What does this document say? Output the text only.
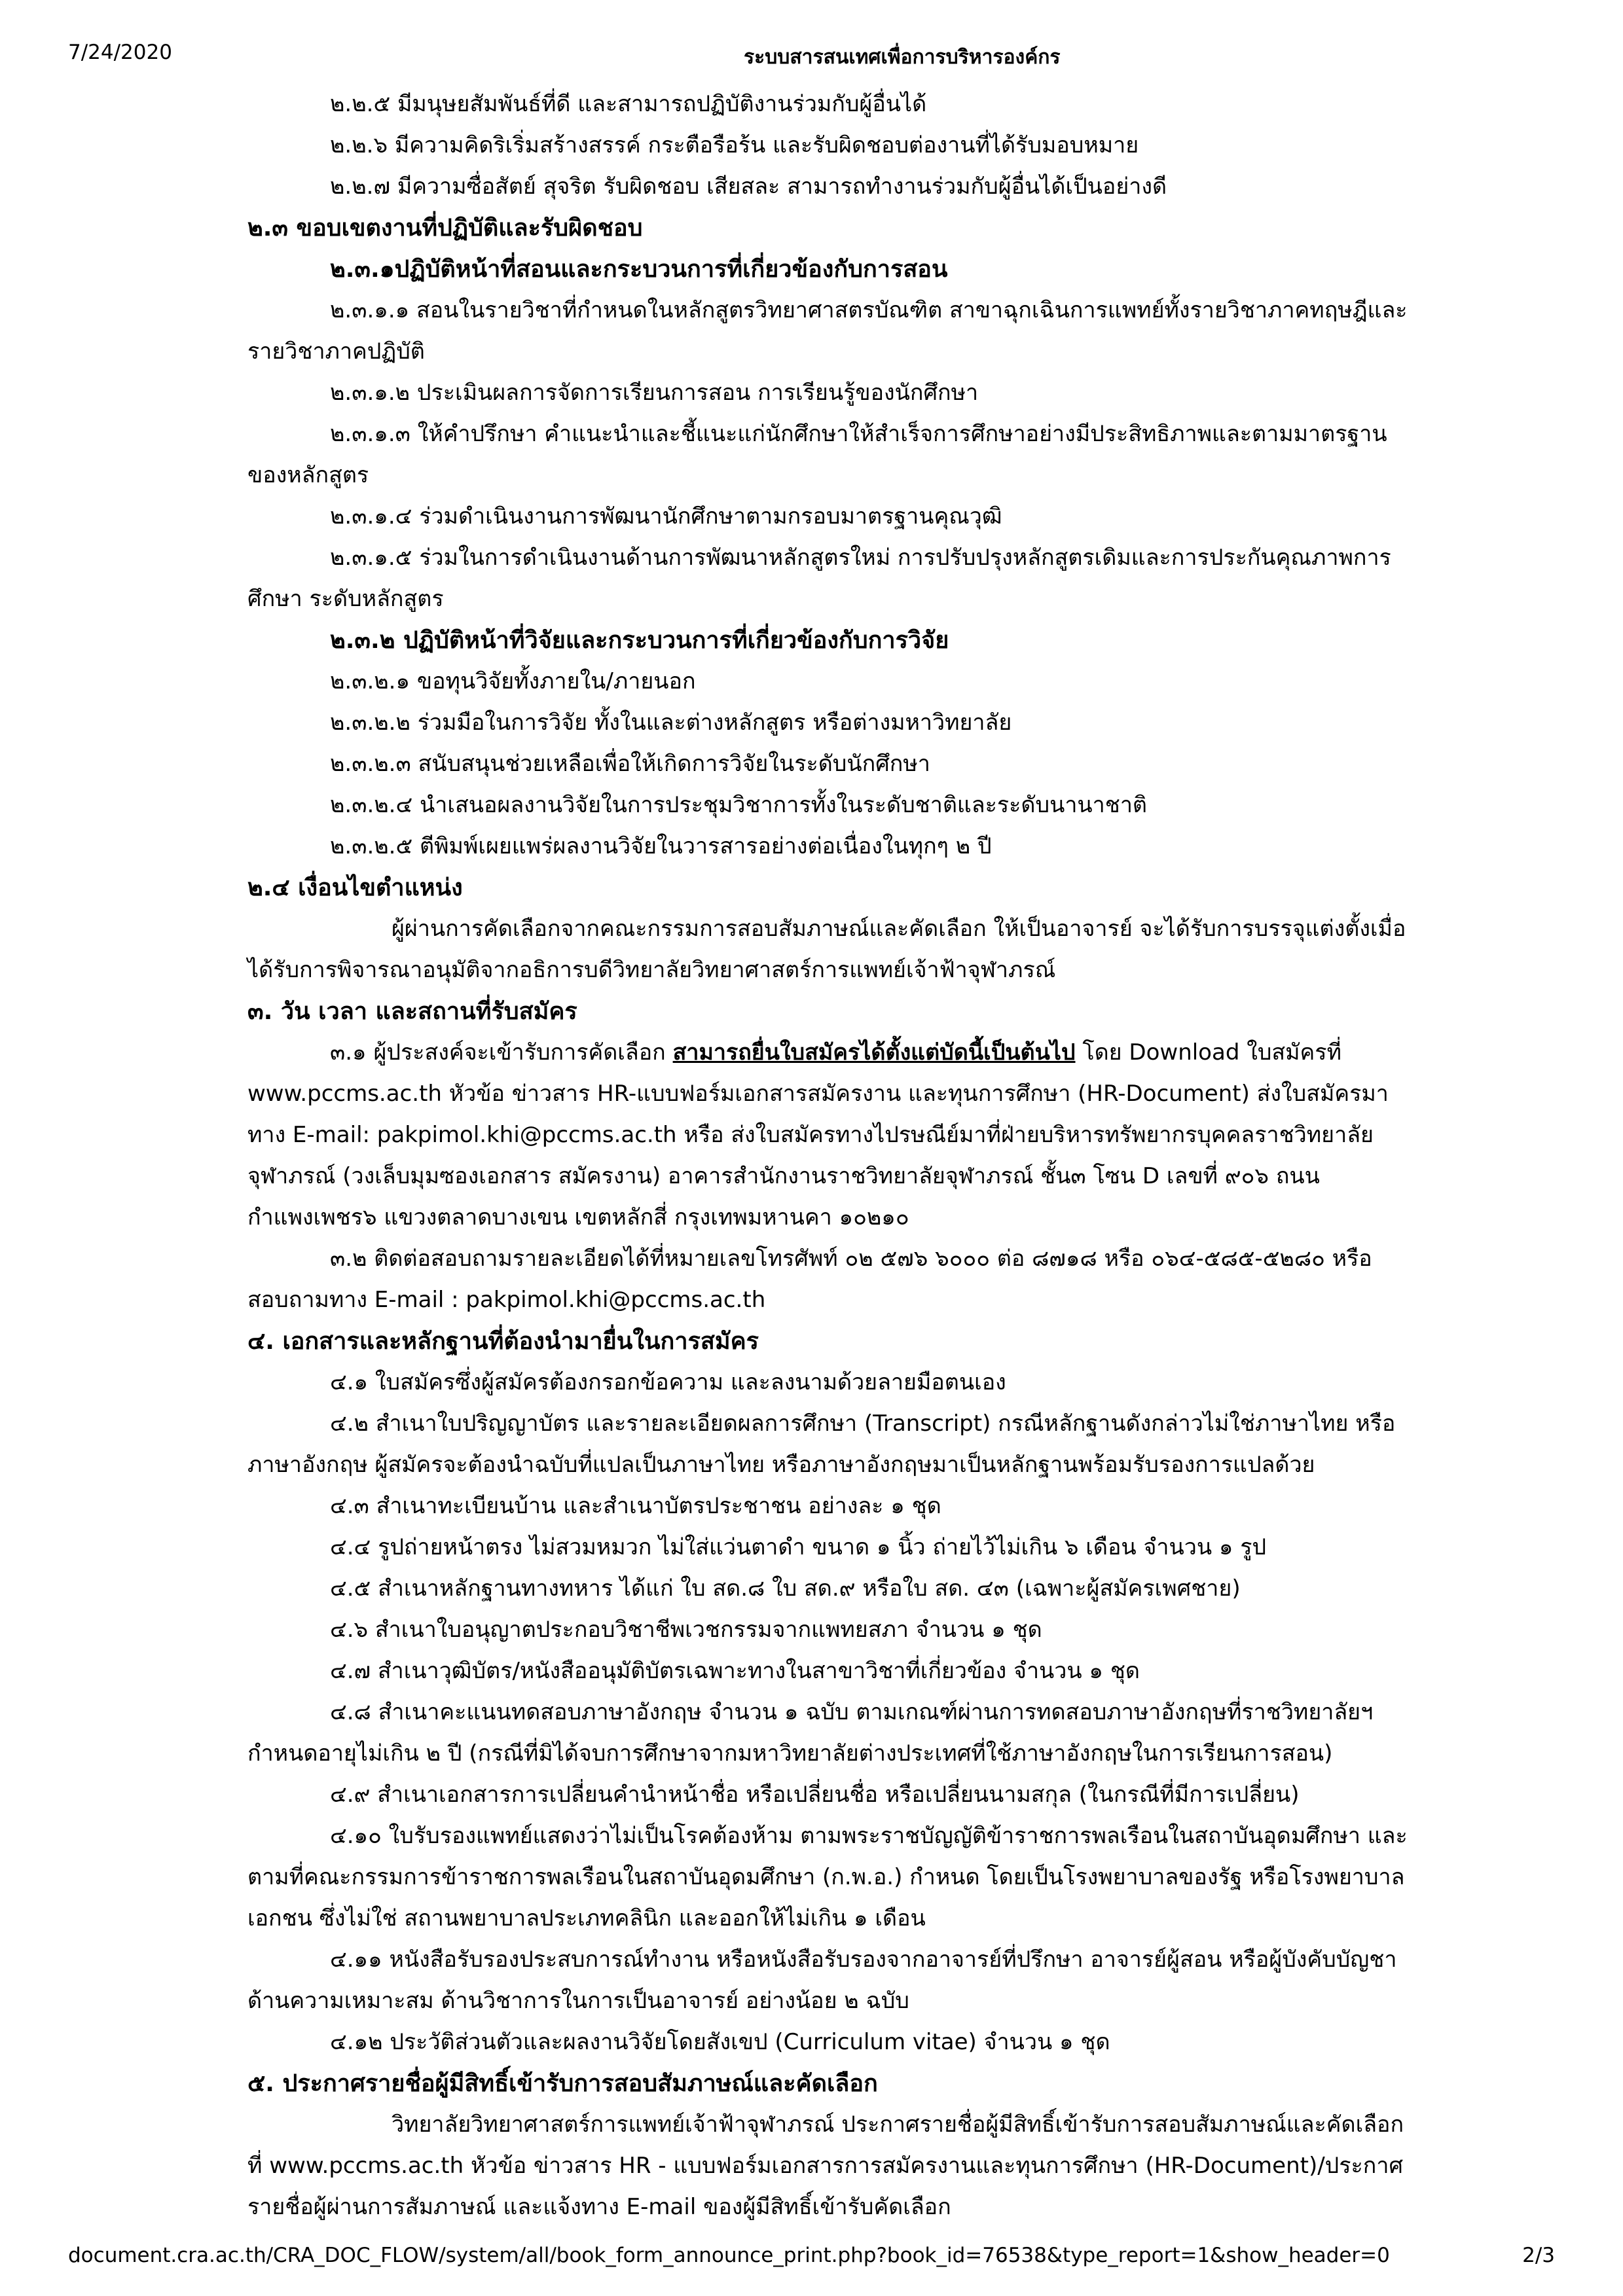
7/24/2020	ระบบสารสนเทศเพื่อการบริหารองค์กร

๒.๒.๕ มีมนุษยสัมพันธ์ที่ดี และสามารถปฏิบัติงานร่วมกับผู้อื่นได้

๒.๒.๖ มีความคิดริเริ่มสร้างสรรค์ กระตือรือร้น และรับผิดชอบต่องานที่ได้รับมอบหมาย

๒.๒.๗ มีความซื่อสัตย์ สุจริต รับผิดชอบ เสียสละ สามารถทำงานร่วมกับผู้อื่นได้เป็นอย่างดี

๒.๓ ขอบเขตงานที่ปฏิบัติและรับผิดชอบ

๒.๓.๑ปฏิบัติหน้าที่สอนและกระบวนการที่เกี่ยวข้องกับการสอน

๒.๓.๑.๑ สอนในรายวิชาที่กำหนดในหลักสูตรวิทยาศาสตรบัณฑิต สาขาฉุกเฉินการแพทย์ทั้งรายวิชาภาคทฤษฎีและ

รายวิชาภาคปฏิบัติ

๒.๓.๑.๒ ประเมินผลการจัดการเรียนการสอน การเรียนรู้ของนักศึกษา

๒.๓.๑.๓ ให้คำปรึกษา คำแนะนำและชี้แนะแก่นักศึกษาให้สำเร็จการศึกษาอย่างมีประสิทธิภาพและตามมาตรฐาน

ของหลักสูตร

๒.๓.๑.๔ ร่วมดำเนินงานการพัฒนานักศึกษาตามกรอบมาตรฐานคุณวุฒิ

๒.๓.๑.๕ ร่วมในการดำเนินงานด้านการพัฒนาหลักสูตรใหม่ การปรับปรุงหลักสูตรเดิมและการประกันคุณภาพการ

ศึกษา ระดับหลักสูตร

๒.๓.๒ ปฏิบัติหน้าที่วิจัยและกระบวนการที่เกี่ยวข้องกับการวิจัย

๒.๓.๒.๑ ขอทุนวิจัยทั้งภายใน/ภายนอก

๒.๓.๒.๒ ร่วมมือในการวิจัย ทั้งในและต่างหลักสูตร หรือต่างมหาวิทยาลัย

๒.๓.๒.๓ สนับสนุนช่วยเหลือเพื่อให้เกิดการวิจัยในระดับนักศึกษา

๒.๓.๒.๔ นำเสนอผลงานวิจัยในการประชุมวิชาการทั้งในระดับชาติและระดับนานาชาติ

๒.๓.๒.๕ ตีพิมพ์เผยแพร่ผลงานวิจัยในวารสารอย่างต่อเนื่องในทุกๆ ๒ ปี

๒.๔ เงื่อนไขตำแหน่ง

ผู้ผ่านการคัดเลือกจากคณะกรรมการสอบสัมภาษณ์และคัดเลือก ให้เป็นอาจารย์ จะได้รับการบรรจุแต่งตั้งเมื่อ

ได้รับการพิจารณาอนุมัติจากอธิการบดีวิทยาลัยวิทยาศาสตร์การแพทย์เจ้าฟ้าจุฬาภรณ์

๓. วัน เวลา และสถานที่รับสมัคร

๓.๑ ผู้ประสงค์จะเข้ารับการคัดเลือก สามารถยื่นใบสมัครได้ตั้งแต่บัดนี้เป็นต้นไป โดย Download ใบสมัครที่

www.pccms.ac.th หัวข้อ ข่าวสาร HR-แบบฟอร์มเอกสารสมัครงาน และทุนการศึกษา (HR-Document) ส่งใบสมัครมา

ทาง E-mail: pakpimol.khi@pccms.ac.th หรือ ส่งใบสมัครทางไปรษณีย์มาที่ฝ่ายบริหารทรัพยากรบุคคลราชวิทยาลัย

จุฬาภรณ์ (วงเล็บมุมซองเอกสาร สมัครงาน) อาคารสำนักงานราชวิทยาลัยจุฬาภรณ์ ชั้น๓ โซน D เลขที่ ๙๐๖ ถนน

กำแพงเพชร๖ แขวงตลาดบางเขน เขตหลักสี่ กรุงเทพมหานคา ๑๐๒๑๐

๓.๒ ติดต่อสอบถามรายละเอียดได้ที่หมายเลขโทรศัพท์ ๐๒ ๕๗๖ ๖๐๐๐ ต่อ ๘๗๑๘ หรือ ๐๖๔-๕๘๕-๕๒๘๐ หรือ

สอบถามทาง E-mail : pakpimol.khi@pccms.ac.th

๔. เอกสารและหลักฐานที่ต้องนำมายื่นในการสมัคร

๔.๑ ใบสมัครซึ่งผู้สมัครต้องกรอกข้อความ และลงนามด้วยลายมือตนเอง

๔.๒ สำเนาใบปริญญาบัตร และรายละเอียดผลการศึกษา (Transcript) กรณีหลักฐานดังกล่าวไม่ใช่ภาษาไทย หรือ

ภาษาอังกฤษ ผู้สมัครจะต้องนำฉบับที่แปลเป็นภาษาไทย หรือภาษาอังกฤษมาเป็นหลักฐานพร้อมรับรองการแปลด้วย

๔.๓ สำเนาทะเบียนบ้าน และสำเนาบัตรประชาชน อย่างละ ๑ ชุด

๔.๔ รูปถ่ายหน้าตรง ไม่สวมหมวก ไม่ใส่แว่นตาดำ ขนาด ๑ นิ้ว ถ่ายไว้ไม่เกิน ๖ เดือน จำนวน ๑ รูป

๔.๕ สำเนาหลักฐานทางทหาร ได้แก่ ใบ สด.๘ ใบ สด.๙ หรือใบ สด. ๔๓ (เฉพาะผู้สมัครเพศชาย)

๔.๖ สำเนาใบอนุญาตประกอบวิชาชีพเวชกรรมจากแพทยสภา จำนวน ๑ ชุด

๔.๗ สำเนาวุฒิบัตร/หนังสืออนุมัติบัตรเฉพาะทางในสาขาวิชาที่เกี่ยวข้อง จำนวน ๑ ชุด

๔.๘ สำเนาคะแนนทดสอบภาษาอังกฤษ จำนวน ๑ ฉบับ ตามเกณฑ์ผ่านการทดสอบภาษาอังกฤษที่ราชวิทยาลัยฯ

กำหนดอายุไม่เกิน ๒ ปี (กรณีที่มิได้จบการศึกษาจากมหาวิทยาลัยต่างประเทศที่ใช้ภาษาอังกฤษในการเรียนการสอน)

๔.๙ สำเนาเอกสารการเปลี่ยนคำนำหน้าชื่อ หรือเปลี่ยนชื่อ หรือเปลี่ยนนามสกุล (ในกรณีที่มีการเปลี่ยน)

๔.๑๐ ใบรับรองแพทย์แสดงว่าไม่เป็นโรคต้องห้าม ตามพระราชบัญญัติข้าราชการพลเรือนในสถาบันอุดมศึกษา และ

ตามที่คณะกรรมการข้าราชการพลเรือนในสถาบันอุดมศึกษา (ก.พ.อ.) กำหนด โดยเป็นโรงพยาบาลของรัฐ หรือโรงพยาบาล

เอกชน ซึ่งไม่ใช่ สถานพยาบาลประเภทคลินิก และออกให้ไม่เกิน ๑ เดือน

๔.๑๑ หนังสือรับรองประสบการณ์ทำงาน หรือหนังสือรับรองจากอาจารย์ที่ปรึกษา อาจารย์ผู้สอน หรือผู้บังคับบัญชา

ด้านความเหมาะสม ด้านวิชาการในการเป็นอาจารย์ อย่างน้อย ๒ ฉบับ

๔.๑๒ ประวัติส่วนตัวและผลงานวิจัยโดยสังเขป (Curriculum vitae) จำนวน ๑ ชุด

๕. ประกาศรายชื่อผู้มีสิทธิ์เข้ารับการสอบสัมภาษณ์และคัดเลือก

วิทยาลัยวิทยาศาสตร์การแพทย์เจ้าฟ้าจุฬาภรณ์ ประกาศรายชื่อผู้มีสิทธิ์เข้ารับการสอบสัมภาษณ์และคัดเลือก

ที่ www.pccms.ac.th หัวข้อ ข่าวสาร HR - แบบฟอร์มเอกสารการสมัครงานและทุนการศึกษา (HR-Document)/ประกาศ

รายชื่อผู้ผ่านการสัมภาษณ์ และแจ้งทาง E-mail ของผู้มีสิทธิ์เข้ารับคัดเลือก

document.cra.ac.th/CRA_DOC_FLOW/system/all/book_form_announce_print.php?book_id=76538&type_report=1&show_header=0	2/3
